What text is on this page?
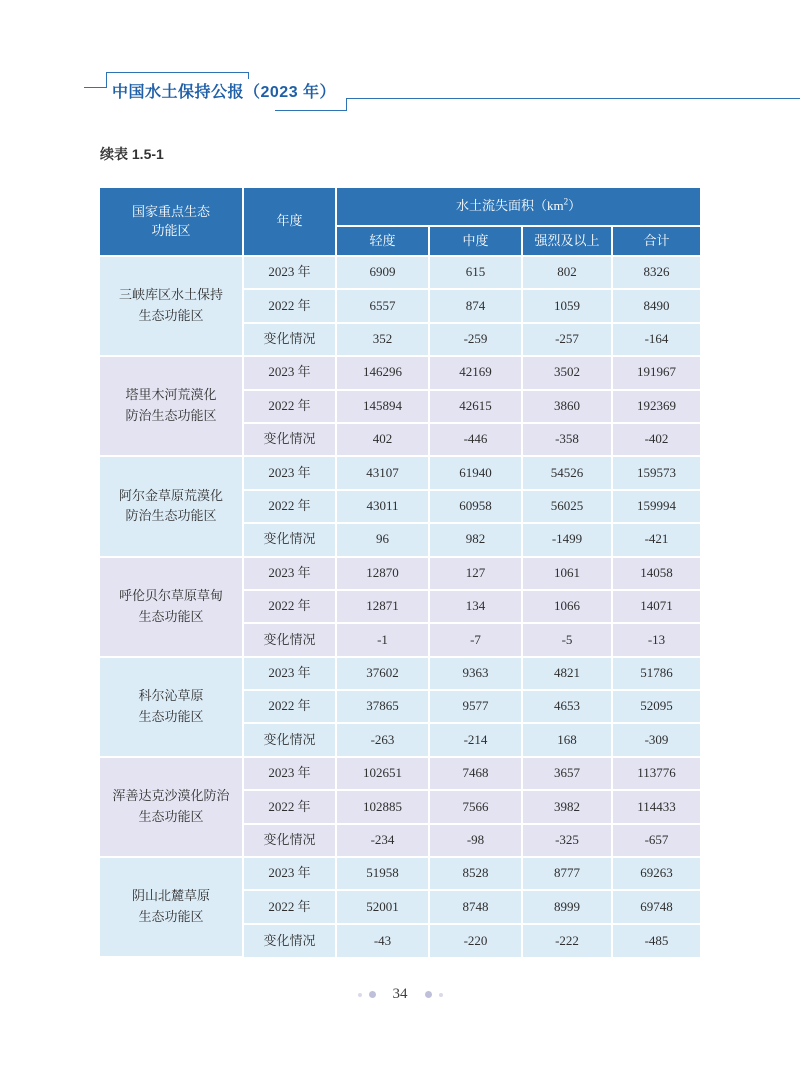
中国水土保持公报（2023 年）
续表 1.5-1
国家重点生态
功能区	年度	水土流失面积$(km^2)$			
		轻度	中度	强烈及以上	合计
三峡库区水土保持
生态功能区	2023 年	6909	615	802	8326
	2022 年	6557	874	1059	8490
	变化情况	352	-259	-257	-164
塔里木河荒漠化
防治生态功能区	2023 年	146296	42169	3502	191967
	2022 年	145894	42615	3860	192369
	变化情况	402	-446	-358	-402
阿尔金草原荒漠化
防治生态功能区	2023 年	43107	61940	54526	159573
	2022 年	43011	60958	56025	159994
	变化情况	96	982	-1499	-421
呼伦贝尔草原草甸
生态功能区	2023 年	12870	127	1061	14058
	2022 年	12871	134	1066	14071
	变化情况	-1	-7	-5	-13
科尔沁草原
生态功能区	2023 年	37602	9363	4821	51786
	2022 年	37865	9577	4653	52095
	变化情况	-263	-214	168	-309
浑善达克沙漠化防治
生态功能区	2023 年	102651	7468	3657	113776
	2022 年	102885	7566	3982	114433
	变化情况	-234	-98	-325	-657
阴山北麓草原
生态功能区	2023 年	51958	8528	8777	69263
	2022 年	52001	8748	8999	69748
	变化情况	-43	-220	-222	-485
34
